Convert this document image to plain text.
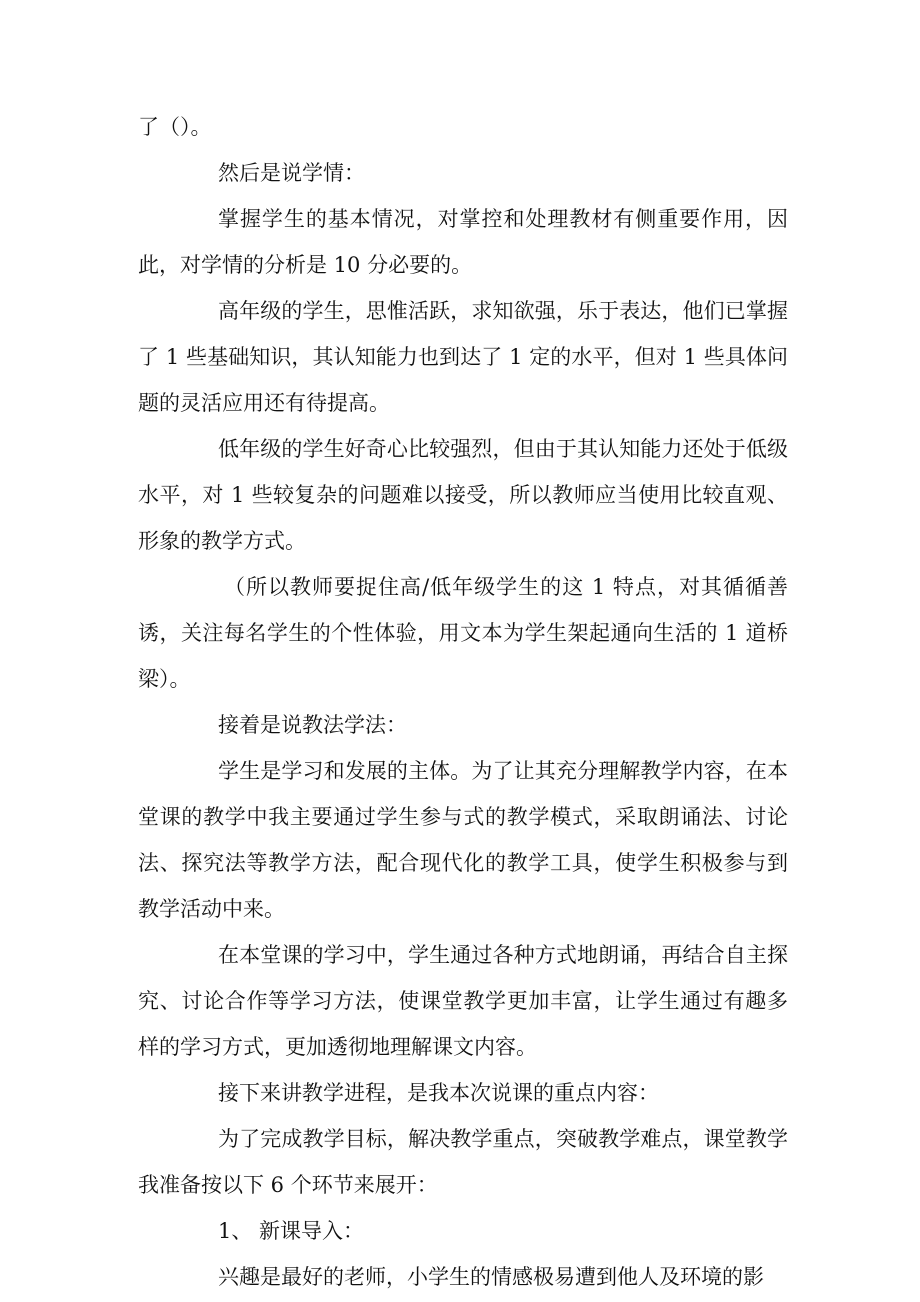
了（）。

然后是说学情：

掌握学生的基本情况，对掌控和处理教材有侧重要作用，因此，对学情的分析是 10 分必要的。

高年级的学生，思惟活跃，求知欲强，乐于表达，他们已掌握了 1 些基础知识，其认知能力也到达了 1 定的水平，但对 1 些具体问题的灵活应用还有待提高。

低年级的学生好奇心比较强烈，但由于其认知能力还处于低级水平，对 1 些较复杂的问题难以接受，所以教师应当使用比较直观、形象的教学方式。

（所以教师要捉住高/低年级学生的这 1 特点，对其循循善诱，关注每名学生的个性体验，用文本为学生架起通向生活的 1 道桥梁）。

接着是说教法学法：

学生是学习和发展的主体。为了让其充分理解教学内容，在本堂课的教学中我主要通过学生参与式的教学模式，采取朗诵法、讨论法、探究法等教学方法，配合现代化的教学工具，使学生积极参与到教学活动中来。

在本堂课的学习中，学生通过各种方式地朗诵，再结合自主探究、讨论合作等学习方法，使课堂教学更加丰富，让学生通过有趣多样的学习方式，更加透彻地理解课文内容。

接下来讲教学进程，是我本次说课的重点内容：

为了完成教学目标，解决教学重点，突破教学难点，课堂教学我准备按以下 6 个环节来展开：

1、 新课导入：

兴趣是最好的老师，小学生的情感极易遭到他人及环境的影
